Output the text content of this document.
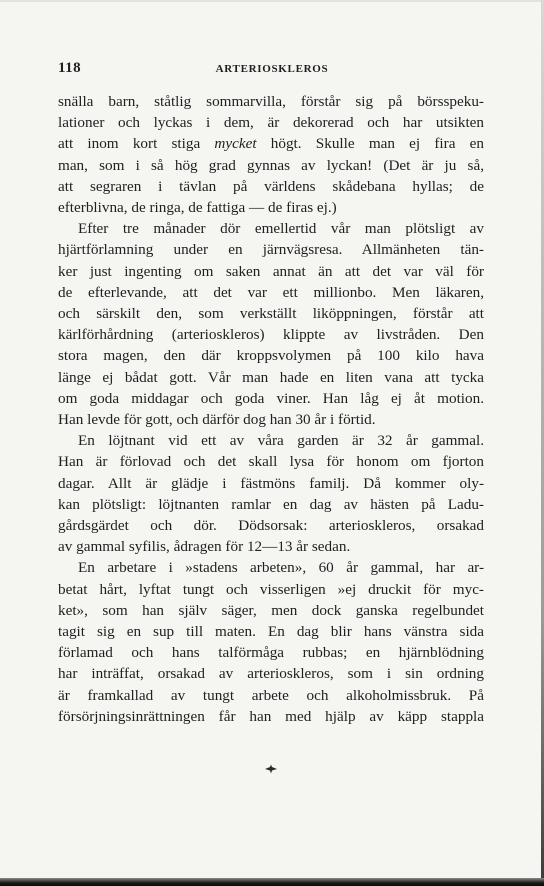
118	ARTERIOSKLEROS
snälla barn, ståtlig sommarvilla, förstår sig på börsspeku-
lationer och lyckas i dem, är dekorerad och har utsikten
att inom kort stiga mycket högt. Skulle man ej fira en
man, som i så hög grad gynnas av lyckan! (Det är ju så,
att segraren i tävlan på världens skådebana hyllas; de
efterblivna, de ringa, de fattiga — de firas ej.)
Efter tre månader dör emellertid vår man plötsligt av
hjärtförlamning under en järnvägsresa. Allmänheten tän-
ker just ingenting om saken annat än att det var väl för
de efterlevande, att det var ett millionbo. Men läkaren,
och särskilt den, som verkställt liköppningen, förstår att
kärlförhårdning (arterioskleros) klippte av livstråden. Den
stora magen, den där kroppsvolymen på 100 kilo hava
länge ej bådat gott. Vår man hade en liten vana att tycka
om goda middagar och goda viner. Han låg ej åt motion.
Han levde för gott, och därför dog han 30 år i förtid.
En löjtnant vid ett av våra garden är 32 år gammal.
Han är förlovad och det skall lysa för honom om fjorton
dagar. Allt är glädje i fästmöns familj. Då kommer oly-
kan plötsligt: löjtnanten ramlar en dag av hästen på Ladu-
gårdsgärdet och dör. Dödsorsak: arterioskleros, orsakad
av gammal syfilis, ådragen för 12—13 år sedan.
En arbetare i »stadens arbeten», 60 år gammal, har ar-
betat hårt, lyftat tungt och visserligen »ej druckit för myc-
ket», som han själv säger, men dock ganska regelbundet
tagit sig en sup till maten. En dag blir hans vänstra sida
förlamad och hans talförmåga rubbas; en hjärnblödning
har inträffat, orsakad av arterioskleros, som i sin ordning
är framkallad av tungt arbete och alkoholmissbruk. På
försörjningsinrättningen får han med hjälp av käpp stappla
